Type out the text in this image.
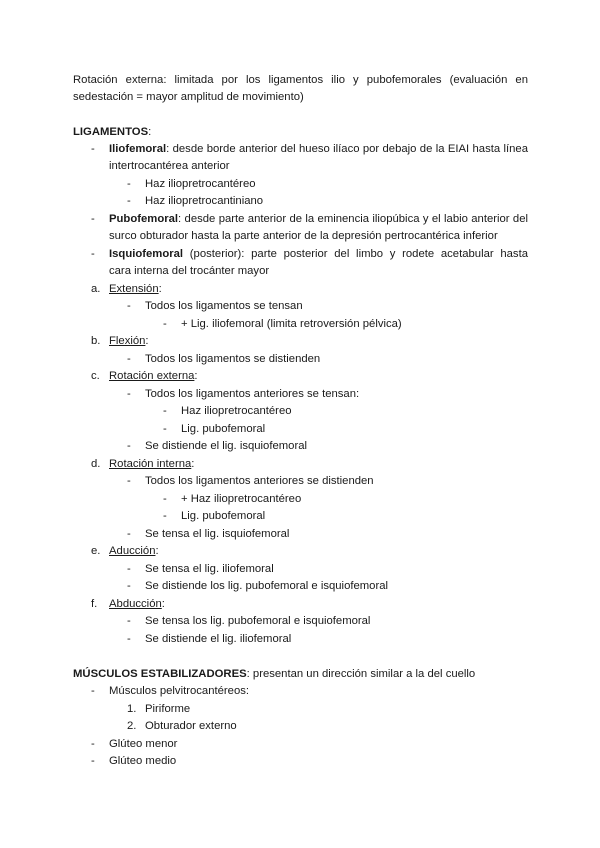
Rotación externa: limitada por los ligamentos ilio y pubofemorales (evaluación en
sedestación = mayor amplitud de movimiento)
LIGAMENTOS:
- Iliofemoral: desde borde anterior del hueso ilíaco por debajo de la EIAI hasta línea
intertrocantérea anterior
- Haz iliopretrocantéreo
- Haz iliopretrocantiniano
- Pubofemoral: desde parte anterior de la eminencia iliopúbica y el labio anterior del
surco obturador hasta la parte anterior de la depresión pertrocantérica inferior
- Isquiofemoral (posterior): parte posterior del limbo y rodete acetabular hasta
cara interna del trocánter mayor
a. Extensión:
- Todos los ligamentos se tensan
- + Lig. iliofemoral (limita retroversión pélvica)
b. Flexión:
- Todos los ligamentos se distienden
c. Rotación externa:
- Todos los ligamentos anteriores se tensan:
- Haz iliopretrocantéreo
- Lig. pubofemoral
- Se distiende el lig. isquiofemoral
d. Rotación interna:
- Todos los ligamentos anteriores se distienden
- + Haz iliopretrocantéreo
- Lig. pubofemoral
- Se tensa el lig. isquiofemoral
e. Aducción:
- Se tensa el lig. iliofemoral
- Se distiende los lig. pubofemoral e isquiofemoral
f. Abducción:
- Se tensa los lig. pubofemoral e isquiofemoral
- Se distiende el lig. iliofemoral
MÚSCULOS ESTABILIZADORES: presentan un dirección similar a la del cuello
- Músculos pelvitrocantéreos:
1. Piriforme
2. Obturador externo
- Glúteo menor
- Glúteo medio
